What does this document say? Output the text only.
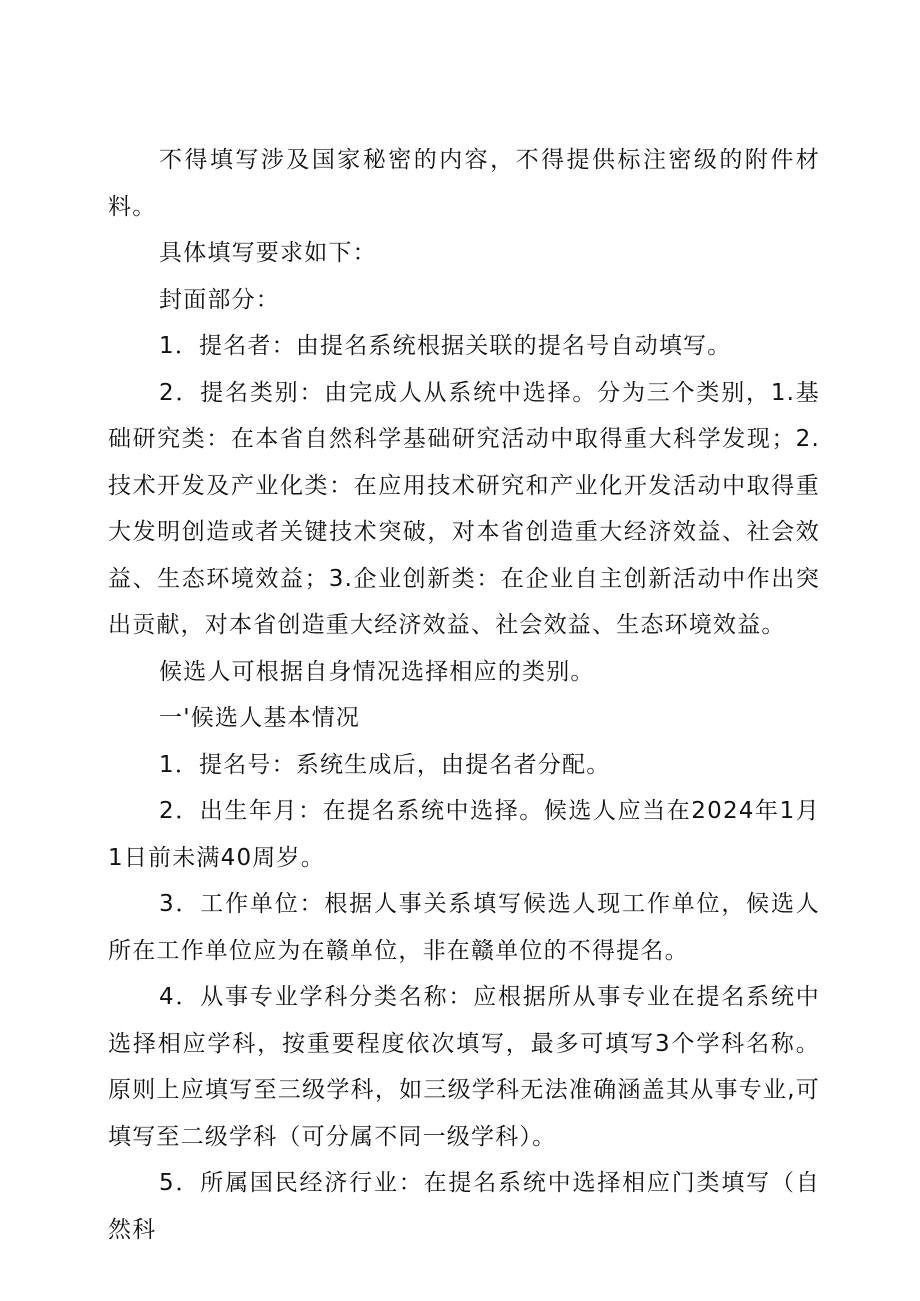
不得填写涉及国家秘密的内容，不得提供标注密级的附件材料。

具体填写要求如下：

封面部分：

1．提名者：由提名系统根据关联的提名号自动填写。

2．提名类别：由完成人从系统中选择。分为三个类别，1.基础研究类：在本省自然科学基础研究活动中取得重大科学发现；2.技术开发及产业化类：在应用技术研究和产业化开发活动中取得重大发明创造或者关键技术突破，对本省创造重大经济效益、社会效益、生态环境效益；3.企业创新类：在企业自主创新活动中作出突出贡献，对本省创造重大经济效益、社会效益、生态环境效益。

候选人可根据自身情况选择相应的类别。

一'候选人基本情况

1．提名号：系统生成后，由提名者分配。

2．出生年月：在提名系统中选择。候选人应当在2024年1月1日前未满40周岁。

3．工作单位：根据人事关系填写候选人现工作单位，候选人所在工作单位应为在赣单位，非在赣单位的不得提名。

4．从事专业学科分类名称：应根据所从事专业在提名系统中选择相应学科，按重要程度依次填写，最多可填写3个学科名称。原则上应填写至三级学科，如三级学科无法准确涵盖其从事专业,可填写至二级学科（可分属不同一级学科）。

5．所属国民经济行业：在提名系统中选择相应门类填写（自然科
